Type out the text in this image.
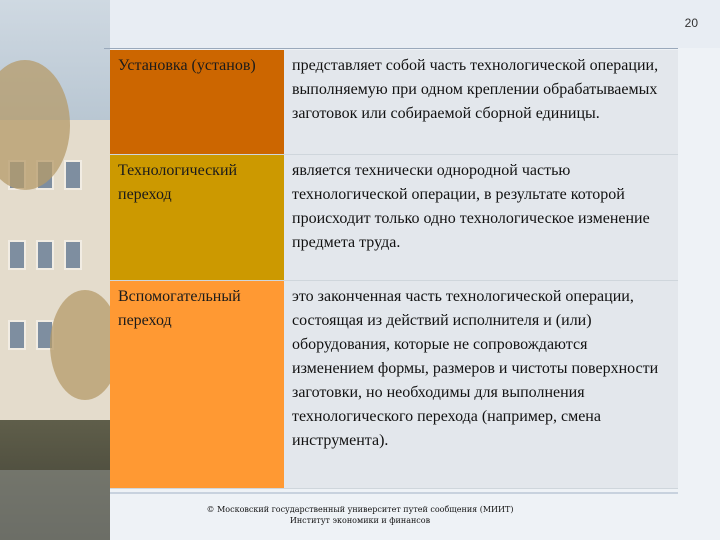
20
Установка (установ)	представляет собой часть технологической операции, выполняемую при одном креплении обрабатываемых заготовок или собираемой сборной единицы.
Технологический переход
является технически однородной частью технологической операции, в результате которой происходит только одно технологическое изменение предмета труда.
Вспомогательный переход
это законченная часть технологической операции, состоящая из действий исполнителя и (или) оборудования, которые не сопровождаются изменением формы, размеров и чистоты поверхности заготовки, но необходимы для выполнения технологического перехода (например, смена инструмента).
© Московский государственный университет путей сообщения (МИИТ)
Институт экономики и финансов
